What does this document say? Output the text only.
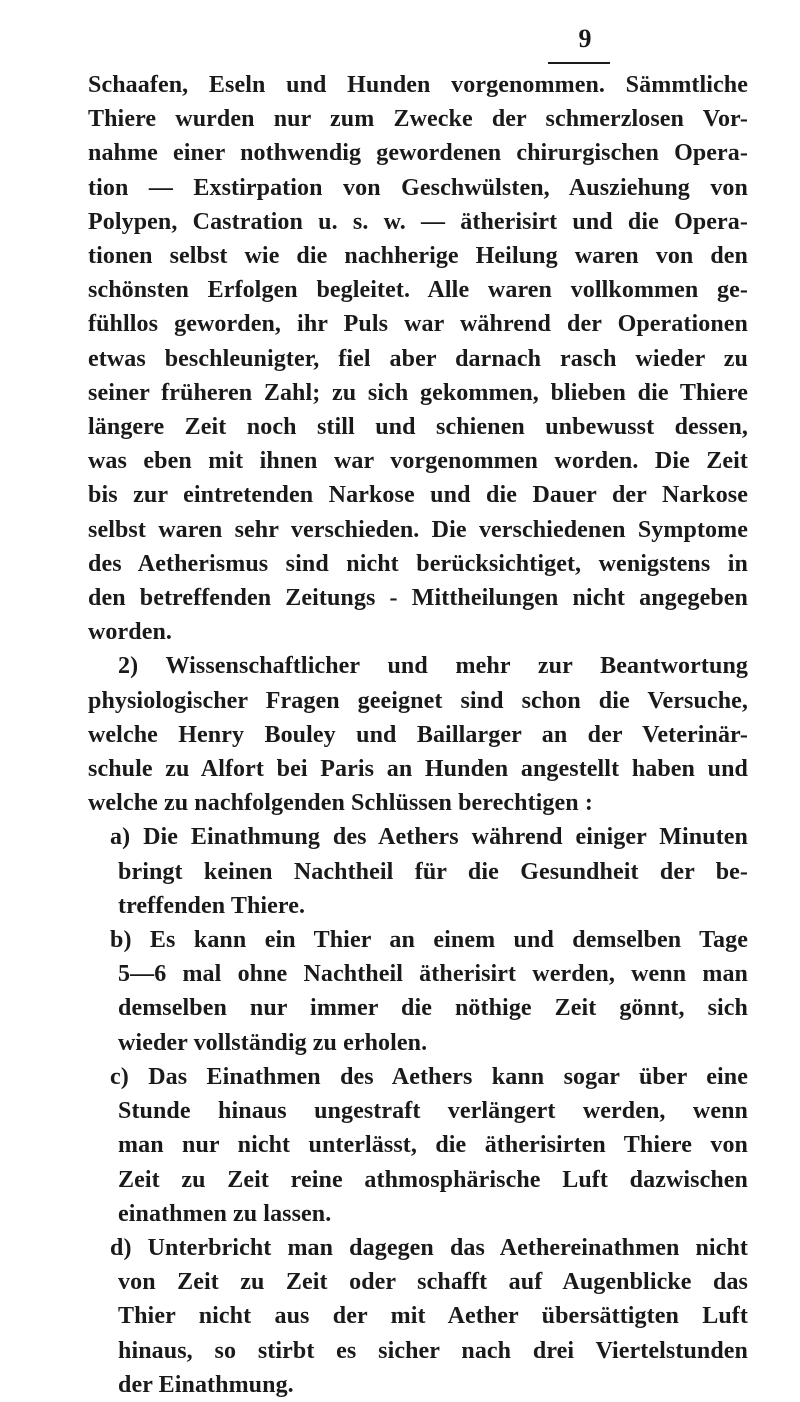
9
Schaafen, Eseln und Hunden vorgenommen. Sämmtliche
Thiere wurden nur zum Zwecke der schmerzlosen Vor-
nahme einer nothwendig gewordenen chirurgischen Opera-
tion — Exstirpation von Geschwülsten, Ausziehung von
Polypen, Castration u. s. w. — ätherisirt und die Opera-
tionen selbst wie die nachherige Heilung waren von den
schönsten Erfolgen begleitet. Alle waren vollkommen ge-
fühllos geworden, ihr Puls war während der Operationen
etwas beschleunigter, fiel aber darnach rasch wieder zu
seiner früheren Zahl; zu sich gekommen, blieben die Thiere
längere Zeit noch still und schienen unbewusst dessen,
was eben mit ihnen war vorgenommen worden. Die Zeit
bis zur eintretenden Narkose und die Dauer der Narkose
selbst waren sehr verschieden. Die verschiedenen Symptome
des Aetherismus sind nicht berücksichtiget, wenigstens in
den betreffenden Zeitungs - Mittheilungen nicht angegeben
worden.
2) Wissenschaftlicher und mehr zur Beantwortung
physiologischer Fragen geeignet sind schon die Versuche,
welche Henry Bouley und Baillarger an der Veterinär-
schule zu Alfort bei Paris an Hunden angestellt haben und
welche zu nachfolgenden Schlüssen berechtigen :
a) Die Einathmung des Aethers während einiger Minuten
bringt keinen Nachtheil für die Gesundheit der be-
treffenden Thiere.
b) Es kann ein Thier an einem und demselben Tage
5—6 mal ohne Nachtheil ätherisirt werden, wenn man
demselben nur immer die nöthige Zeit gönnt, sich
wieder vollständig zu erholen.
c) Das Einathmen des Aethers kann sogar über eine
Stunde hinaus ungestraft verlängert werden, wenn
man nur nicht unterlässt, die ätherisirten Thiere von
Zeit zu Zeit reine athmosphärische Luft dazwischen
einathmen zu lassen.
d) Unterbricht man dagegen das Aethereinathmen nicht
von Zeit zu Zeit oder schafft auf Augenblicke das
Thier nicht aus der mit Aether übersättigten Luft
hinaus, so stirbt es sicher nach drei Viertelstunden
der Einathmung.
